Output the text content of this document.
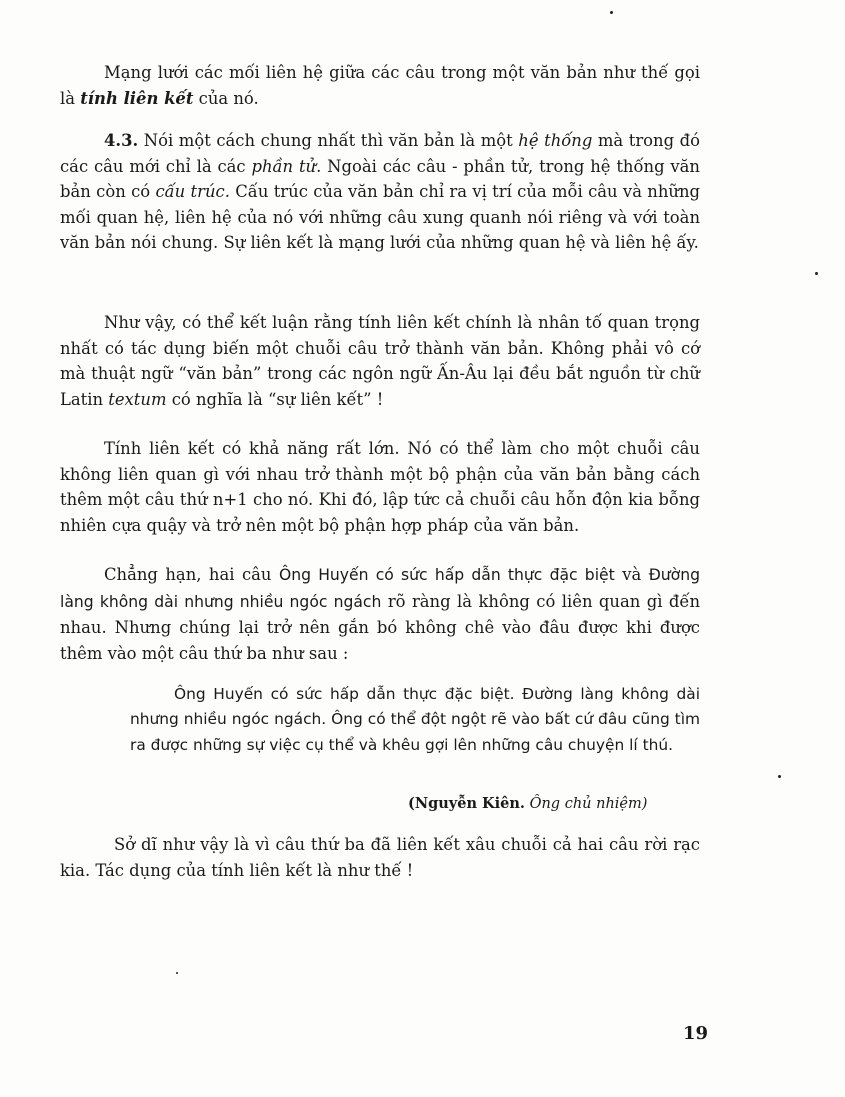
Mạng lưới các mối liên hệ giữa các câu trong một văn bản như thế gọi là tính liên kết của nó.

4.3. Nói một cách chung nhất thì văn bản là một hệ thống mà trong đó các câu mới chỉ là các phần tử. Ngoài các câu - phần tử, trong hệ thống văn bản còn có cấu trúc. Cấu trúc của văn bản chỉ ra vị trí của mỗi câu và những mối quan hệ, liên hệ của nó với những câu xung quanh nói riêng và với toàn văn bản nói chung. Sự liên kết là mạng lưới của những quan hệ và liên hệ ấy.

Như vậy, có thể kết luận rằng tính liên kết chính là nhân tố quan trọng nhất có tác dụng biến một chuỗi câu trở thành văn bản. Không phải vô cớ mà thuật ngữ “văn bản” trong các ngôn ngữ Ấn-Âu lại đều bắt nguồn từ chữ Latin textum có nghĩa là “sự liên kết” !

Tính liên kết có khả năng rất lớn. Nó có thể làm cho một chuỗi câu không liên quan gì với nhau trở thành một bộ phận của văn bản bằng cách thêm một câu thứ n+1 cho nó. Khi đó, lập tức cả chuỗi câu hỗn độn kia bỗng nhiên cựa quậy và trở nên một bộ phận hợp pháp của văn bản.

Chẳng hạn, hai câu Ông Huyến có sức hấp dẫn thực đặc biệt và Đường làng không dài nhưng nhiều ngóc ngách rõ ràng là không có liên quan gì đến nhau. Nhưng chúng lại trở nên gắn bó không chê vào đâu được khi được thêm vào một câu thứ ba như sau :

Ông Huyến có sức hấp dẫn thực đặc biệt. Đường làng không dài nhưng nhiều ngóc ngách. Ông có thể đột ngột rẽ vào bất cứ đâu cũng tìm ra được những sự việc cụ thể và khêu gợi lên những câu chuyện lí thú.

(Nguyễn Kiên. Ông chủ nhiệm)

Sở dĩ như vậy là vì câu thứ ba đã liên kết xâu chuỗi cả hai câu rời rạc kia. Tác dụng của tính liên kết là như thế !

19
